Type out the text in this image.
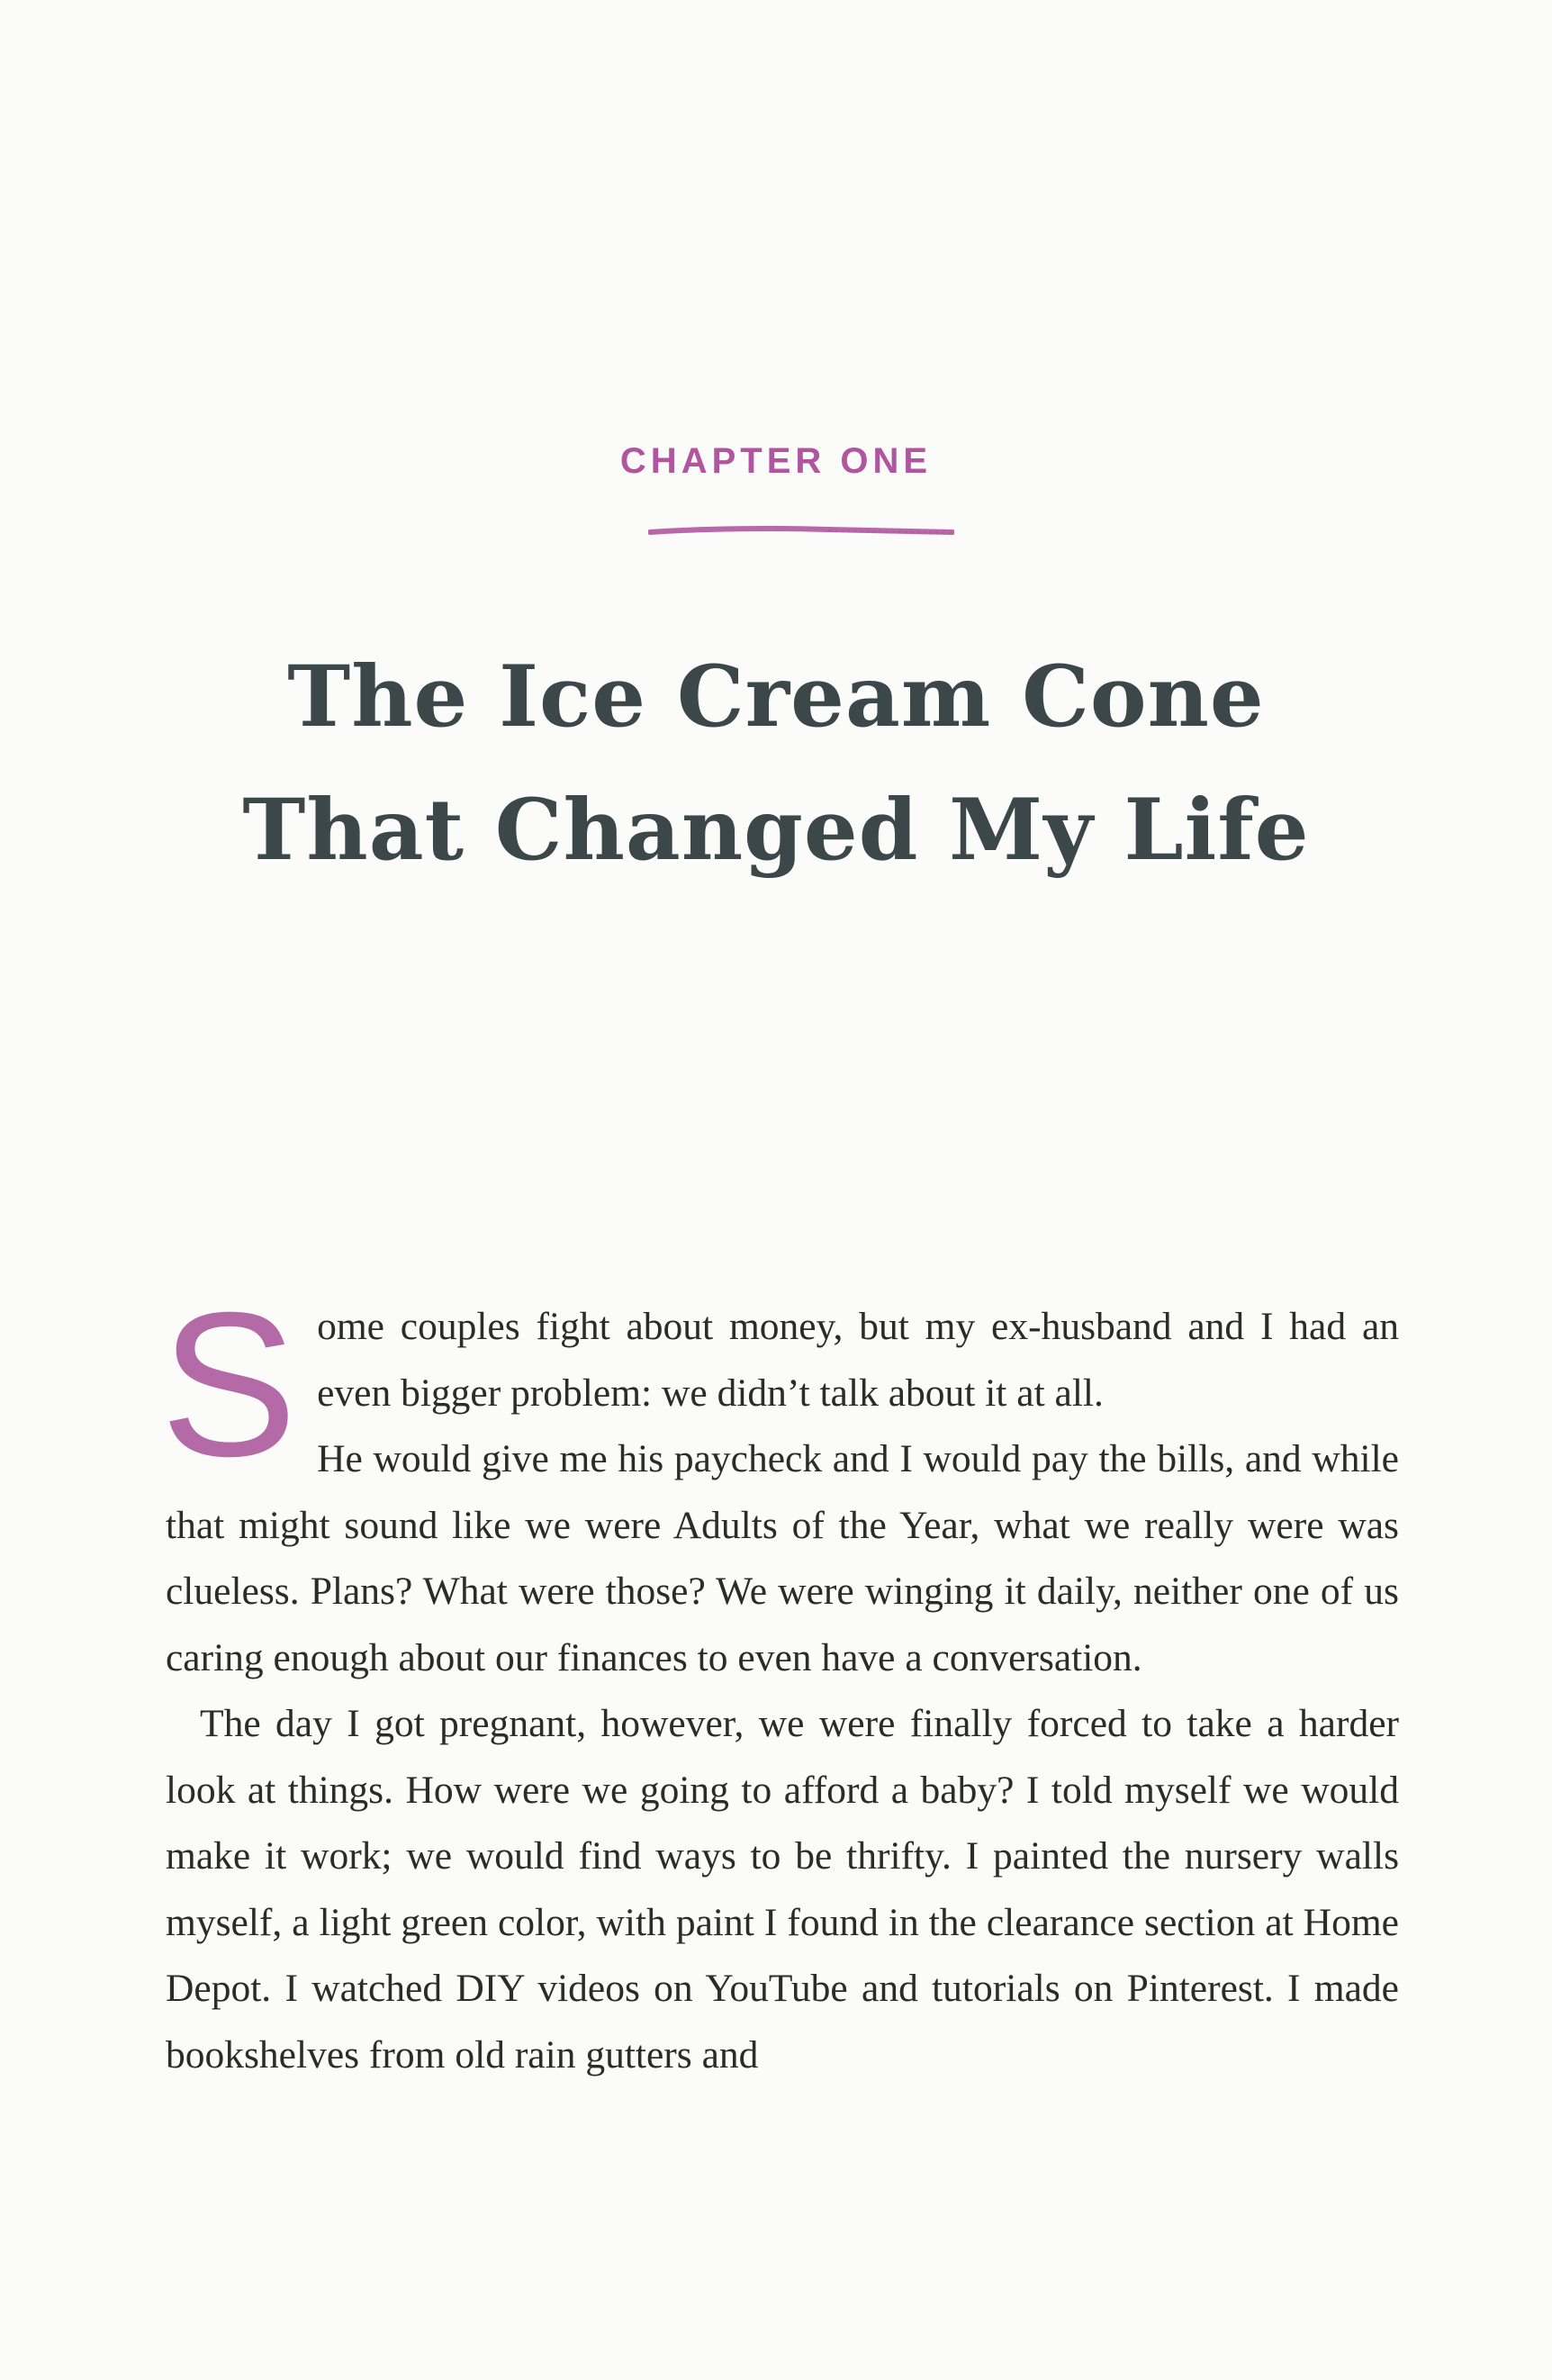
CHAPTER ONE
The Ice Cream Cone
That Changed My Life

S ome couples fight about money, but my ex-husband and I had an even bigger problem: we didn’t talk about it at all.

He would give me his paycheck and I would pay the bills, and while that might sound like we were Adults of the Year, what we really were was clueless. Plans? What were those? We were winging it daily, neither one of us caring enough about our finances to even have a conversation.

The day I got pregnant, however, we were finally forced to take a harder look at things. How were we going to afford a baby? I told myself we would make it work; we would find ways to be thrifty. I painted the nursery walls myself, a light green color, with paint I found in the clearance section at Home Depot. I watched DIY videos on YouTube and tutorials on Pinterest. I made bookshelves from old rain gutters and
